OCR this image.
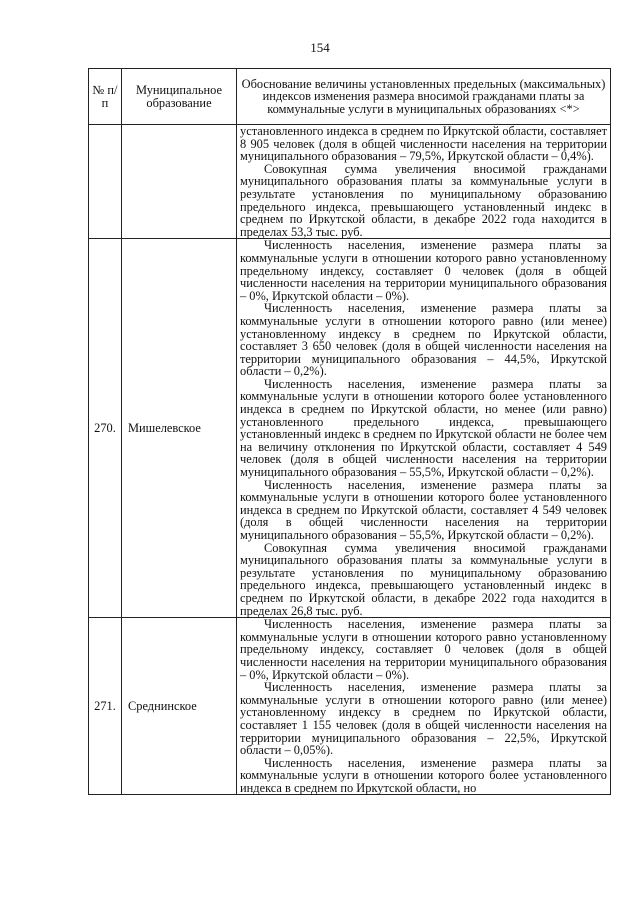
154
№ п/п	Муниципальное образование	Обоснование величины установленных предельных (максимальных) индексов изменения размера вносимой гражданами платы за коммунальные услуги в муниципальных образованиях <*>

		установленного индекса в среднем по Иркутской области, составляет 8 905 человек (доля в общей численности населения на территории муниципального образования – 79,5%, Иркутской области – 0,4%).

Совокупная сумма увеличения вносимой гражданами муниципального образования платы за коммунальные услуги в результате установления по муниципальному образованию предельного индекса, превышающего установленный индекс в среднем по Иркутской области, в декабре 2022 года находится в пределах 53,3 тыс. руб.

270.	Мишелевское	Численность населения, изменение размера платы за коммунальные услуги в отношении которого равно установленному предельному индексу, составляет 0 человек (доля в общей численности населения на территории муниципального образования – 0%, Иркутской области – 0%).

Численность населения, изменение размера платы за коммунальные услуги в отношении которого равно (или менее) установленному индексу в среднем по Иркутской области, составляет 3 650 человек (доля в общей численности населения на территории муниципального образования – 44,5%, Иркутской области – 0,2%).

Численность населения, изменение размера платы за коммунальные услуги в отношении которого более установленного индекса в среднем по Иркутской области, но менее (или равно) установленного предельного индекса, превышающего установленный индекс в среднем по Иркутской области не более чем на величину отклонения по Иркутской области, составляет 4 549 человек (доля в общей численности населения на территории муниципального образования – 55,5%, Иркутской области – 0,2%).

Численность населения, изменение размера платы за коммунальные услуги в отношении которого более установленного индекса в среднем по Иркутской области, составляет 4 549 человек (доля в общей численности населения на территории муниципального образования – 55,5%, Иркутской области – 0,2%).

Совокупная сумма увеличения вносимой гражданами муниципального образования платы за коммунальные услуги в результате установления по муниципальному образованию предельного индекса, превышающего установленный индекс в среднем по Иркутской области, в декабре 2022 года находится в пределах 26,8 тыс. руб.

271.	Среднинское	Численность населения, изменение размера платы за коммунальные услуги в отношении которого равно установленному предельному индексу, составляет 0 человек (доля в общей численности населения на территории муниципального образования – 0%, Иркутской области – 0%).

Численность населения, изменение размера платы за коммунальные услуги в отношении которого равно (или менее) установленному индексу в среднем по Иркутской области, составляет 1 155 человек (доля в общей численности населения на территории муниципального образования – 22,5%, Иркутской области – 0,05%).

Численность населения, изменение размера платы за коммунальные услуги в отношении которого более установленного индекса в среднем по Иркутской области, но
